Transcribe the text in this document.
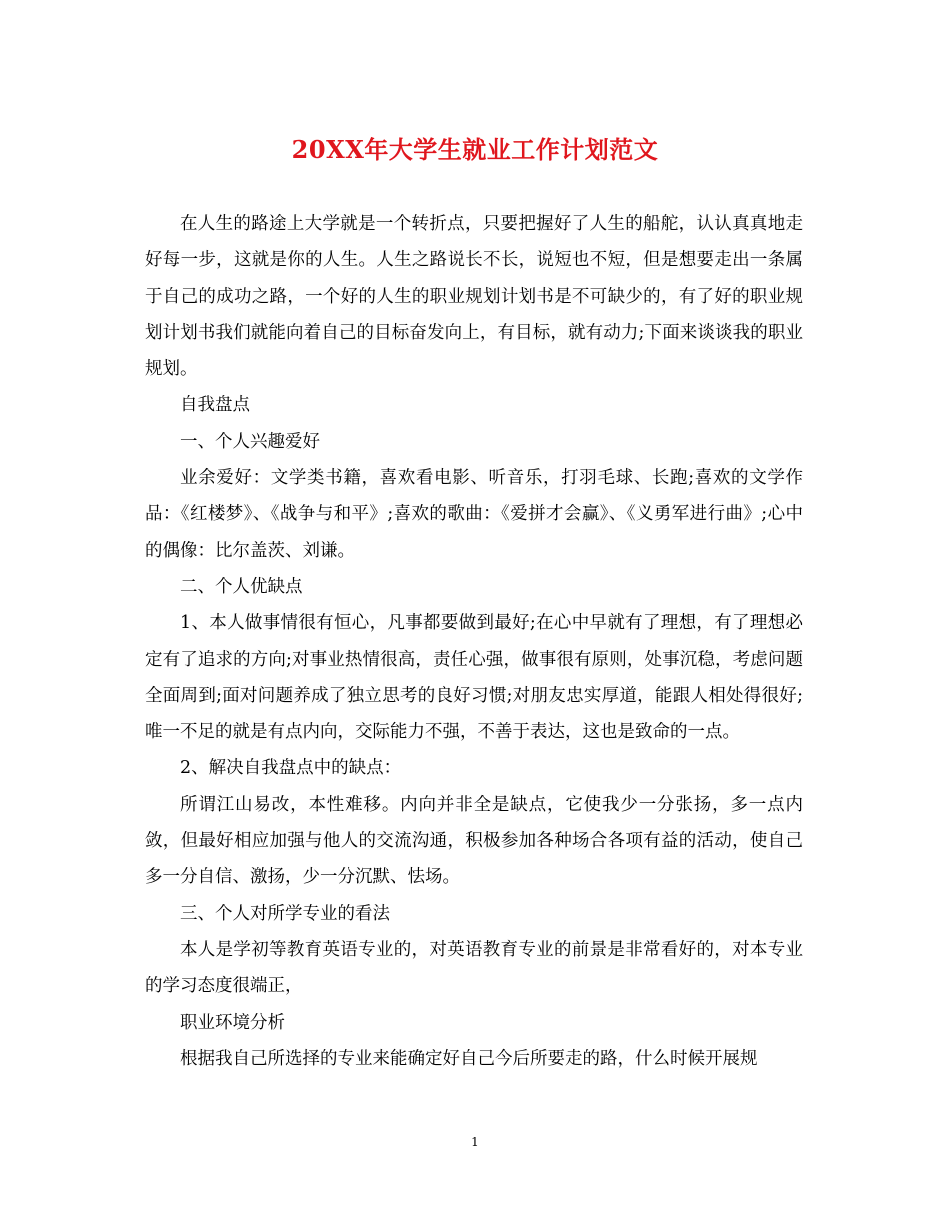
20XX年大学生就业工作计划范文

在人生的路途上大学就是一个转折点，只要把握好了人生的船舵，认认真真地走好每一步，这就是你的人生。人生之路说长不长，说短也不短，但是想要走出一条属于自己的成功之路，一个好的人生的职业规划计划书是不可缺少的，有了好的职业规划计划书我们就能向着自己的目标奋发向上，有目标，就有动力;下面来谈谈我的职业规划。

自我盘点

一、个人兴趣爱好

业余爱好：文学类书籍，喜欢看电影、听音乐，打羽毛球、长跑;喜欢的文学作品：《红楼梦》、《战争与和平》;喜欢的歌曲：《爱拼才会赢》、《义勇军进行曲》;心中的偶像：比尔盖茨、刘谦。

二、个人优缺点

1、本人做事情很有恒心，凡事都要做到最好;在心中早就有了理想，有了理想必定有了追求的方向;对事业热情很高，责任心强，做事很有原则，处事沉稳，考虑问题全面周到;面对问题养成了独立思考的良好习惯;对朋友忠实厚道，能跟人相处得很好;唯一不足的就是有点内向，交际能力不强，不善于表达，这也是致命的一点。

2、解决自我盘点中的缺点：

所谓江山易改，本性难移。内向并非全是缺点，它使我少一分张扬，多一点内敛，但最好相应加强与他人的交流沟通，积极参加各种场合各项有益的活动，使自己多一分自信、激扬，少一分沉默、怯场。

三、个人对所学专业的看法

本人是学初等教育英语专业的，对英语教育专业的前景是非常看好的，对本专业的学习态度很端正，

职业环境分析

根据我自己所选择的专业来能确定好自己今后所要走的路，什么时候开展规

1
